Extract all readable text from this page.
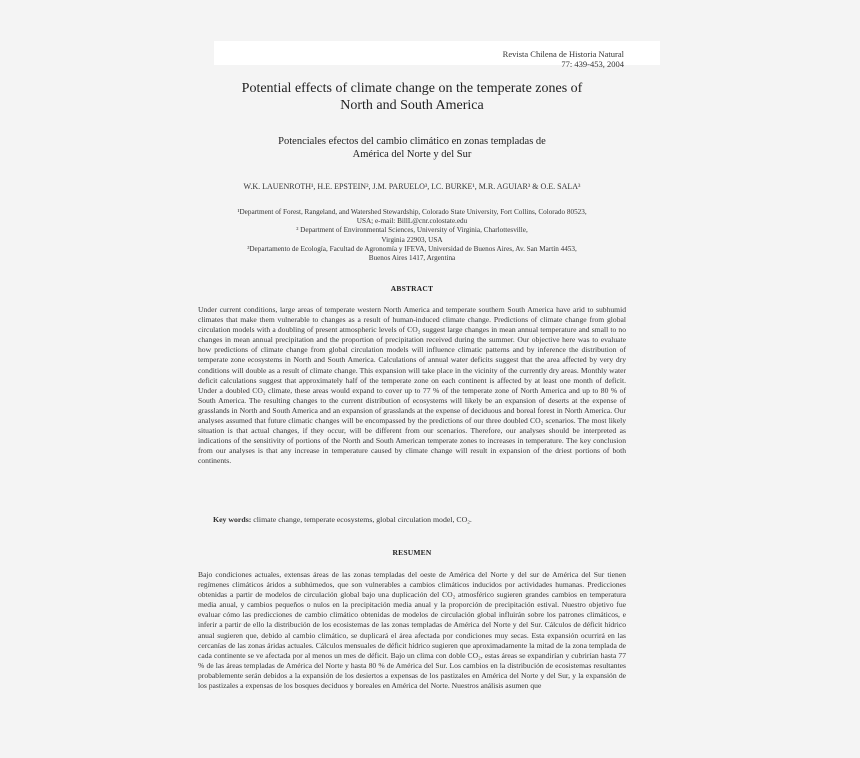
Revista Chilena de Historia Natural
77: 439-453, 2004
Potential effects of climate change on the temperate zones of
North and South America
Potenciales efectos del cambio climático en zonas templadas de
América del Norte y del Sur
W.K. LAUENROTH¹, H.E. EPSTEIN², J.M. PARUELO³, I.C. BURKE¹, M.R. AGUIAR³ & O.E. SALA³
¹Department of Forest, Rangeland, and Watershed Stewardship, Colorado State University, Fort Collins, Colorado 80523,
USA; e-mail: BillL@cnr.colostate.edu
² Department of Environmental Sciences, University of Virginia, Charlottesville,
Virginia 22903, USA
³Departamento de Ecología, Facultad de Agronomía y IFEVA, Universidad de Buenos Aires, Av. San Martín 4453,
Buenos Aires 1417, Argentina
ABSTRACT
Under current conditions, large areas of temperate western North America and temperate southern South America have arid to subhumid climates that make them vulnerable to changes as a result of human-induced climate change. Predictions of climate change from global circulation models with a doubling of present atmospheric levels of CO₂ suggest large changes in mean annual temperature and small to no changes in mean annual precipitation and the proportion of precipitation received during the summer. Our objective here was to evaluate how predictions of climate change from global circulation models will influence climatic patterns and by inference the distribution of temperate zone ecosystems in North and South America. Calculations of annual water deficits suggest that the area affected by very dry conditions will double as a result of climate change. This expansion will take place in the vicinity of the currently dry areas. Monthly water deficit calculations suggest that approximately half of the temperate zone on each continent is affected by at least one month of deficit. Under a doubled CO₂ climate, these areas would expand to cover up to 77 % of the temperate zone of North America and up to 80 % of South America. The resulting changes to the current distribution of ecosystems will likely be an expansion of deserts at the expense of grasslands in North and South America and an expansion of grasslands at the expense of deciduous and boreal forest in North America. Our analyses assumed that future climatic changes will be encompassed by the predictions of our three doubled CO₂ scenarios. The most likely situation is that actual changes, if they occur, will be different from our scenarios. Therefore, our analyses should be interpreted as indications of the sensitivity of portions of the North and South American temperate zones to increases in temperature. The key conclusion from our analyses is that any increase in temperature caused by climate change will result in expansion of the driest portions of both continents.
Key words: climate change, temperate ecosystems, global circulation model, CO₂.
RESUMEN
Bajo condiciones actuales, extensas áreas de las zonas templadas del oeste de América del Norte y del sur de América del Sur tienen regímenes climáticos áridos a subhúmedos, que son vulnerables a cambios climáticos inducidos por actividades humanas. Predicciones obtenidas a partir de modelos de circulación global bajo una duplicación del CO₂ atmosférico sugieren grandes cambios en temperatura media anual, y cambios pequeños o nulos en la precipitación media anual y la proporción de precipitación estival. Nuestro objetivo fue evaluar cómo las predicciones de cambio climático obtenidas de modelos de circulación global influirán sobre los patrones climáticos, e inferir a partir de ello la distribución de los ecosistemas de las zonas templadas de América del Norte y del Sur. Cálculos de déficit hídrico anual sugieren que, debido al cambio climático, se duplicará el área afectada por condiciones muy secas. Esta expansión ocurrirá en las cercanías de las zonas áridas actuales. Cálculos mensuales de déficit hídrico sugieren que aproximadamente la mitad de la zona templada de cada continente se ve afectada por al menos un mes de déficit. Bajo un clima con doble CO₂, estas áreas se expandirían y cubrirían hasta 77 % de las áreas templadas de América del Norte y hasta 80 % de América del Sur. Los cambios en la distribución de ecosistemas resultantes probablemente serán debidos a la expansión de los desiertos a expensas de los pastizales en América del Norte y del Sur, y la expansión de los pastizales a expensas de los bosques deciduos y boreales en América del Norte. Nuestros análisis asumen que
